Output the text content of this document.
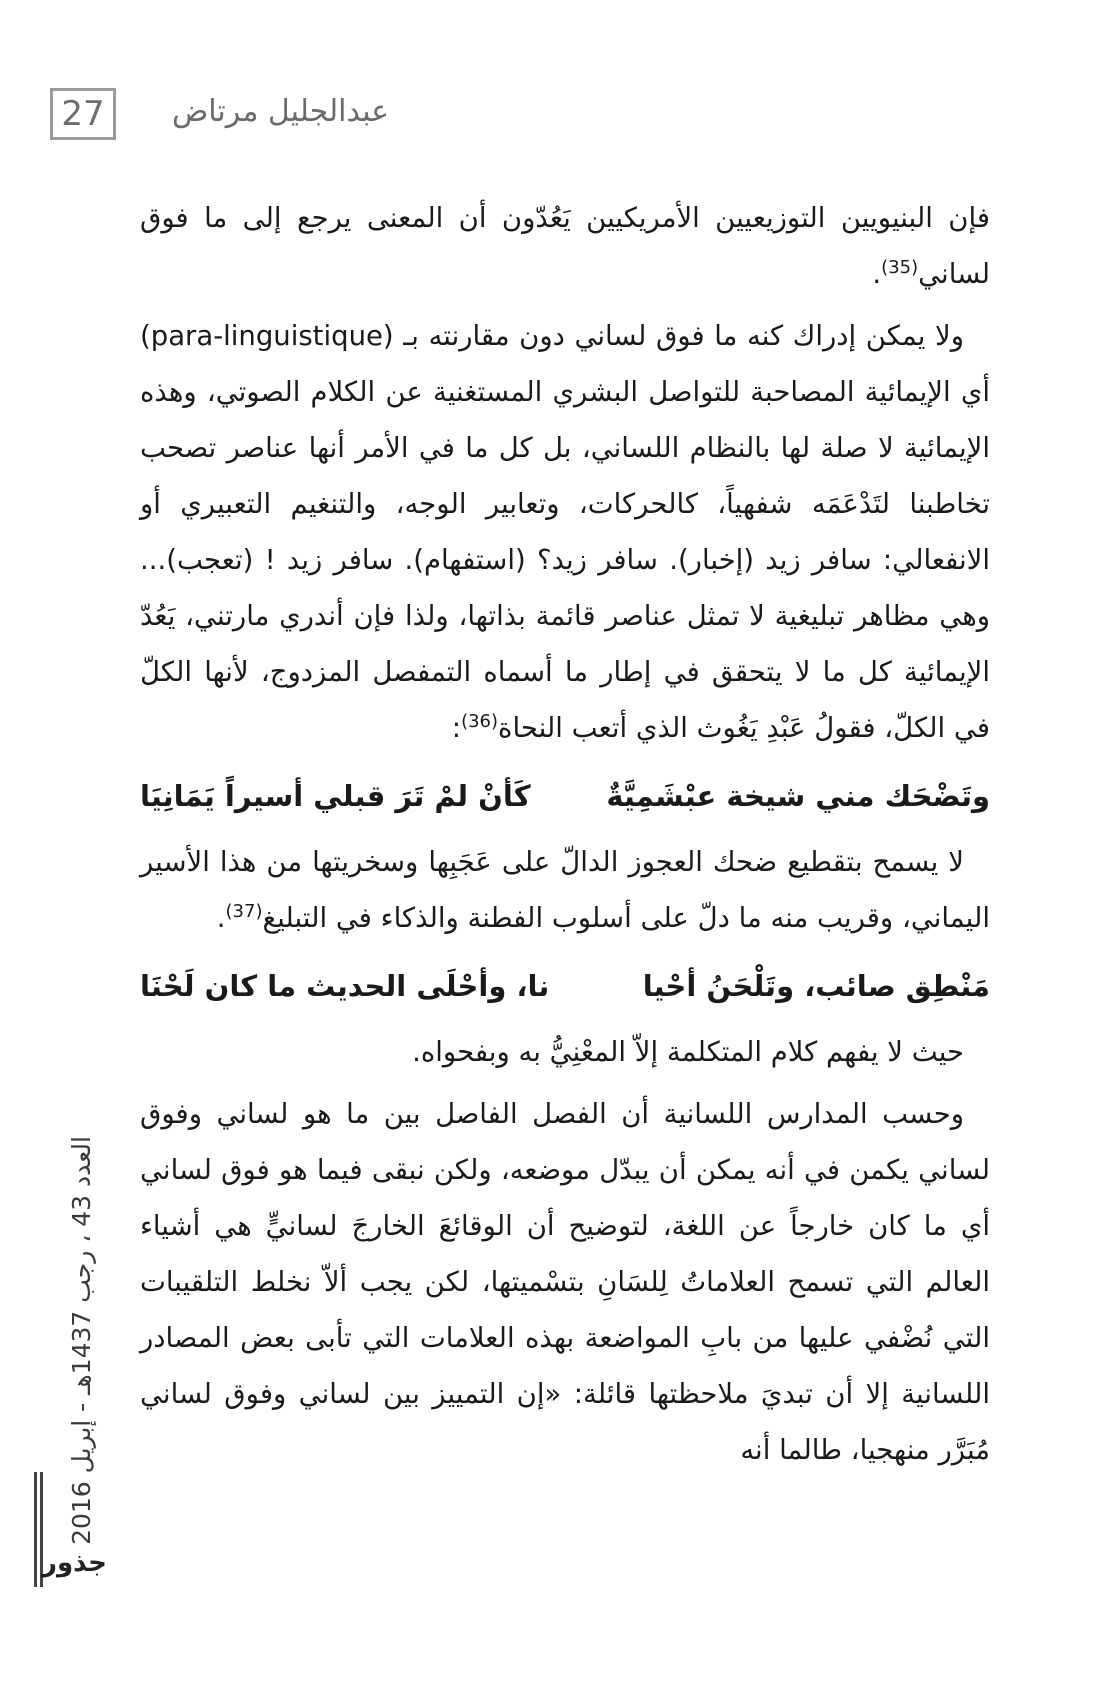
27	عبدالجليل مرتاض
العدد 43 ، رجب 1437هـ - إبريل 2016
جذور

فإن البنيويين التوزيعيين الأمريكيين يَعُدّون أن المعنى يرجع إلى ما فوق لساني$^{(35)}$.

ولا يمكن إدراك كنه ما فوق لساني دون مقارنته بـ (para-linguistique) أي الإيمائية المصاحبة للتواصل البشري المستغنية عن الكلام الصوتي، وهذه الإيمائية لا صلة لها بالنظام اللساني، بل كل ما في الأمر أنها عناصر تصحب تخاطبنا لتَدْعَمَه شفهياً، كالحركات، وتعابير الوجه، والتنغيم التعبيري أو الانفعالي: سافر زيد (إخبار). سافر زيد؟ (استفهام). سافر زيد ! (تعجب)... وهي مظاهر تبليغية لا تمثل عناصر قائمة بذاتها، ولذا فإن أندري مارتني، يَعُدّ الإيمائية كل ما لا يتحقق في إطار ما أسماه التمفصل المزدوج، لأنها الكلّ في الكلّ، فقولُ عَبْدِ يَغُوث الذي أتعب النحاة$^{(36)}$:

وتَضْحَك مني شيخة عبْشَمِيَّةٌ
كَأنْ لمْ تَرَ قبلي أسيراً يَمَانِيَا

لا يسمح بتقطيع ضحك العجوز الدالّ على عَجَبِها وسخريتها من هذا الأسير اليماني، وقريب منه ما دلّ على أسلوب الفطنة والذكاء في التبليغ$^{(37)}$.

مَنْطِق صائب، وتَلْحَنُ أحْيا
نا، وأحْلَى الحديث ما كان لَحْنَا

حيث لا يفهم كلام المتكلمة إلاّ المعْنِيُّ به وبفحواه.

وحسب المدارس اللسانية أن الفصل الفاصل بين ما هو لساني وفوق لساني يكمن في أنه يمكن أن يبدّل موضعه، ولكن نبقى فيما هو فوق لساني أي ما كان خارجاً عن اللغة، لتوضيح أن الوقائعَ الخارجَ لسانيٍّ هي أشياء العالم التي تسمح العلاماتُ لِلسَانِ بتسْميتها، لكن يجب ألاّ نخلط التلقيبات التي نُضْفي عليها من بابِ المواضعة بهذه العلامات التي تأبى بعض المصادر اللسانية إلا أن تبديَ ملاحظتها قائلة: «إن التمييز بين لساني وفوق لساني مُبَرَّر منهجيا، طالما أنه
